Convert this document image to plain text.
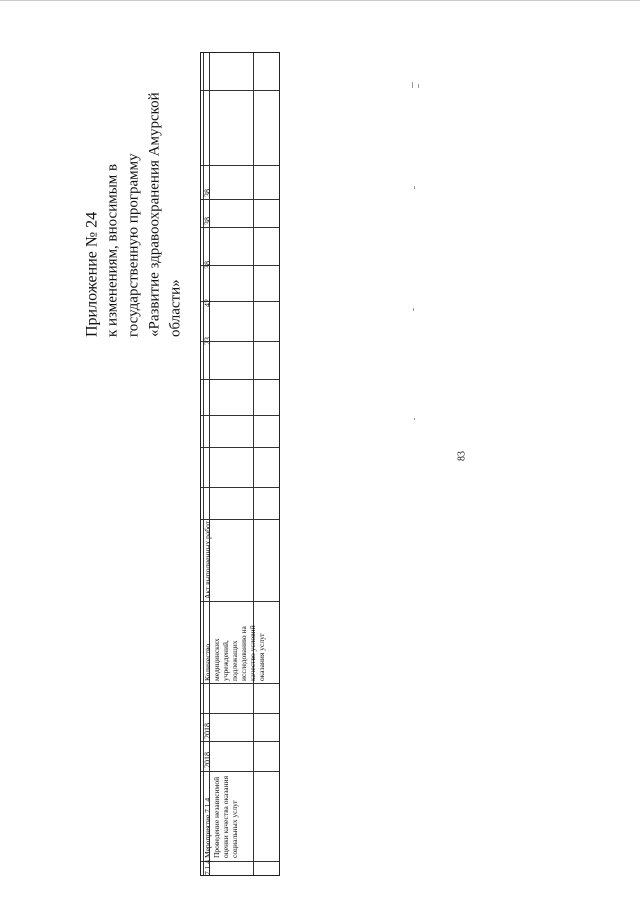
83
Приложение № 24 к изменениям, вносимым в государственную программу «Развитие здравоохранения Амурской области»
7.1.4.
Мероприятие 7.1.4. Проведение независимой оценки качества оказания социальных услуг
2018
2018
Количество медицинских учреждений, подлежащих исследованию на качество условий оказания услуг
Акт выполненных работ
23
42
38
38
38
